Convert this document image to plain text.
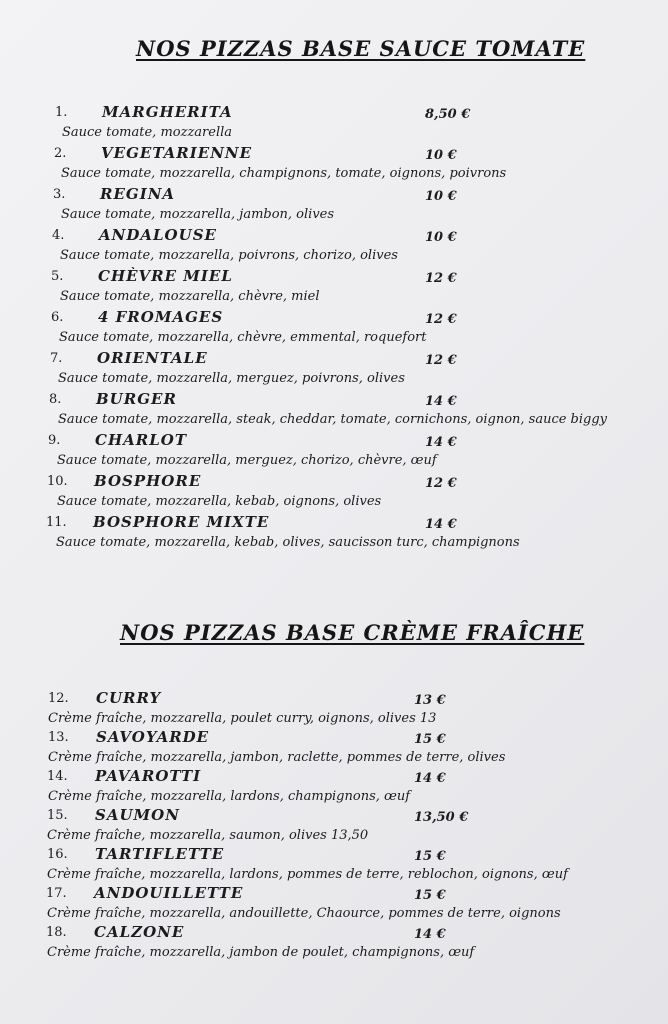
NOS PIZZAS BASE SAUCE TOMATE
1. MARGHERITA	8,50 €
Sauce tomate, mozzarella
2. VEGETARIENNE	10 €
Sauce tomate, mozzarella, champignons, tomate, oignons, poivrons
3. REGINA	10 €
Sauce tomate, mozzarella, jambon, olives
4. ANDALOUSE	10 €
Sauce tomate, mozzarella, poivrons, chorizo, olives
5. CHÈVRE MIEL	12 €
Sauce tomate, mozzarella, chèvre, miel
6. 4 FROMAGES	12 €
Sauce tomate, mozzarella, chèvre, emmental, roquefort
7. ORIENTALE	12 €
Sauce tomate, mozzarella, merguez, poivrons, olives
8. BURGER	14 €
Sauce tomate, mozzarella, steak, cheddar, tomate, cornichons, oignon, sauce biggy
9. CHARLOT	14 €
Sauce tomate, mozzarella, merguez, chorizo, chèvre, œuf
10. BOSPHORE	12 €
Sauce tomate, mozzarella, kebab, oignons, olives
11. BOSPHORE MIXTE	14 €
Sauce tomate, mozzarella, kebab, olives, saucisson turc, champignons
NOS PIZZAS BASE CRÈME FRAÎCHE
12. CURRY	13 €
Crème fraîche, mozzarella, poulet curry, oignons, olives 13
13. SAVOYARDE	15 €
Crème fraîche, mozzarella, jambon, raclette, pommes de terre, olives
14. PAVAROTTI	14 €
Crème fraîche, mozzarella, lardons, champignons, œuf
15. SAUMON	13,50 €
Crème fraîche, mozzarella, saumon, olives 13,50
16. TARTIFLETTE	15 €
Crème fraîche, mozzarella, lardons, pommes de terre, reblochon, oignons, œuf
17. ANDOUILLETTE	15 €
Crème fraîche, mozzarella, andouillette, Chaource, pommes de terre, oignons
18. CALZONE	14 €
Crème fraîche, mozzarella, jambon de poulet, champignons, œuf
